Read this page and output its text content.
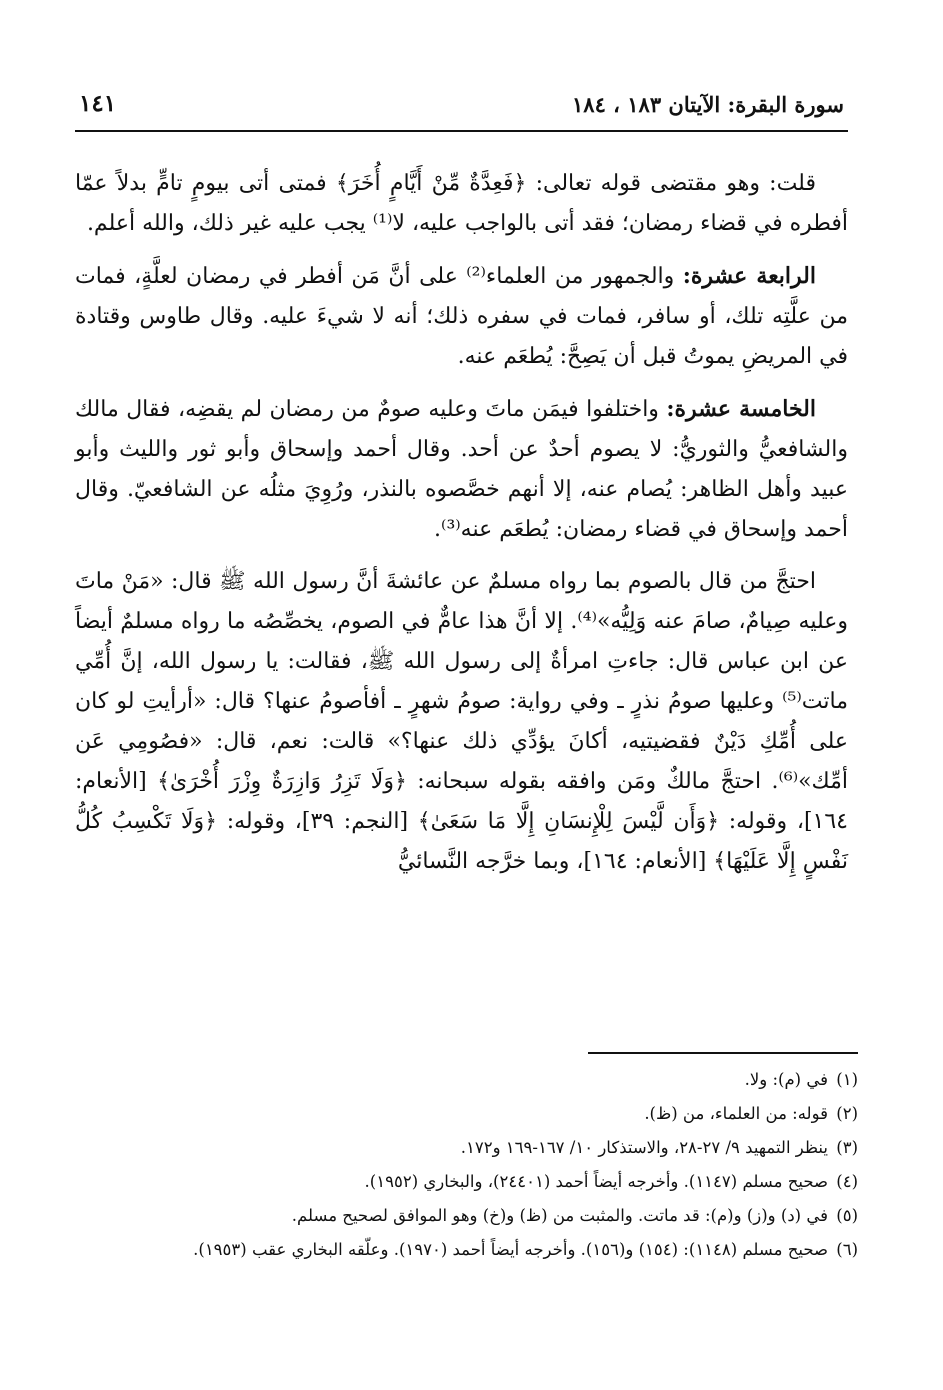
سورة البقرة: الآيتان ١٨٣ ، ١٨٤
١٤١

قلت: وهو مقتضى قوله تعالى: ﴿فَعِدَّةٌ مِّنْ أَيَّامٍ أُخَرَ﴾ فمتى أتى بيومٍ تامٍّ بدلاً عمّا أفطره في قضاء رمضان؛ فقد أتى بالواجب عليه، لا⁽¹⁾ يجب عليه غير ذلك، والله أعلم.

الرابعة عشرة: والجمهور من العلماء⁽²⁾ على أنَّ مَن أفطر في رمضان لعلَّةٍ، فمات من علَّتِه تلك، أو سافر، فمات في سفره ذلك؛ أنه لا شيءَ عليه. وقال طاوس وقتادة في المريضِ يموتُ قبل أن يَصِحَّ: يُطعَم عنه.

الخامسة عشرة: واختلفوا فيمَن ماتَ وعليه صومٌ من رمضان لم يقضِه، فقال مالك والشافعيُّ والثوريُّ: لا يصوم أحدٌ عن أحد. وقال أحمد وإسحاق وأبو ثور والليث وأبو عبيد وأهل الظاهر: يُصام عنه، إلا أنهم خصَّصوه بالنذر، ورُوِيَ مثلُه عن الشافعيّ. وقال أحمد وإسحاق في قضاء رمضان: يُطعَم عنه⁽³⁾.

احتجَّ من قال بالصوم بما رواه مسلمٌ عن عائشةَ أنَّ رسول الله ﷺ قال: «مَنْ ماتَ وعليه صِيامٌ، صامَ عنه وَلِيُّه»⁽⁴⁾. إلا أنَّ هذا عامٌّ في الصوم، يخصِّصُه ما رواه مسلمٌ أيضاً عن ابن عباس قال: جاءتِ امرأةٌ إلى رسول الله ﷺ، فقالت: يا رسول الله، إنَّ أُمِّي ماتت⁽⁵⁾ وعليها صومُ نذرٍ ـ وفي رواية: صومُ شهرٍ ـ أفأصومُ عنها؟ قال: «أرأيتِ لو كان على أُمِّكِ دَيْنٌ فقضيتيه، أكانَ يؤدِّي ذلك عنها؟» قالت: نعم، قال: «فصُومِي عَن أمِّك»⁽⁶⁾. احتجَّ مالكٌ ومَن وافقه بقوله سبحانه: ﴿وَلَا تَزِرُ وَازِرَةٌ وِزْرَ أُخْرَىٰ﴾ [الأنعام: ١٦٤]، وقوله: ﴿وَأَن لَّيْسَ لِلْإِنسَانِ إِلَّا مَا سَعَىٰ﴾ [النجم: ٣٩]، وقوله: ﴿وَلَا تَكْسِبُ كُلُّ نَفْسٍ إِلَّا عَلَيْهَا﴾ [الأنعام: ١٦٤]، وبما خرَّجه النَّسائيُّ

(١)
في (م): ولا.
(٢)
قوله: من العلماء، من (ظ).
(٣)
ينظر التمهيد ٩/ ٢٧-٢٨، والاستذكار ١٠/ ١٦٧-١٦٩ و١٧٢.
(٤)
صحيح مسلم (١١٤٧). وأخرجه أيضاً أحمد (٢٤٤٠١)، والبخاري (١٩٥٢).
(٥)
في (د) و(ز) و(م): قد ماتت. والمثبت من (ظ) و(خ) وهو الموافق لصحيح مسلم.
(٦)
صحيح مسلم (١١٤٨): (١٥٤) و(١٥٦). وأخرجه أيضاً أحمد (١٩٧٠). وعلّقه البخاري عقب (١٩٥٣).
